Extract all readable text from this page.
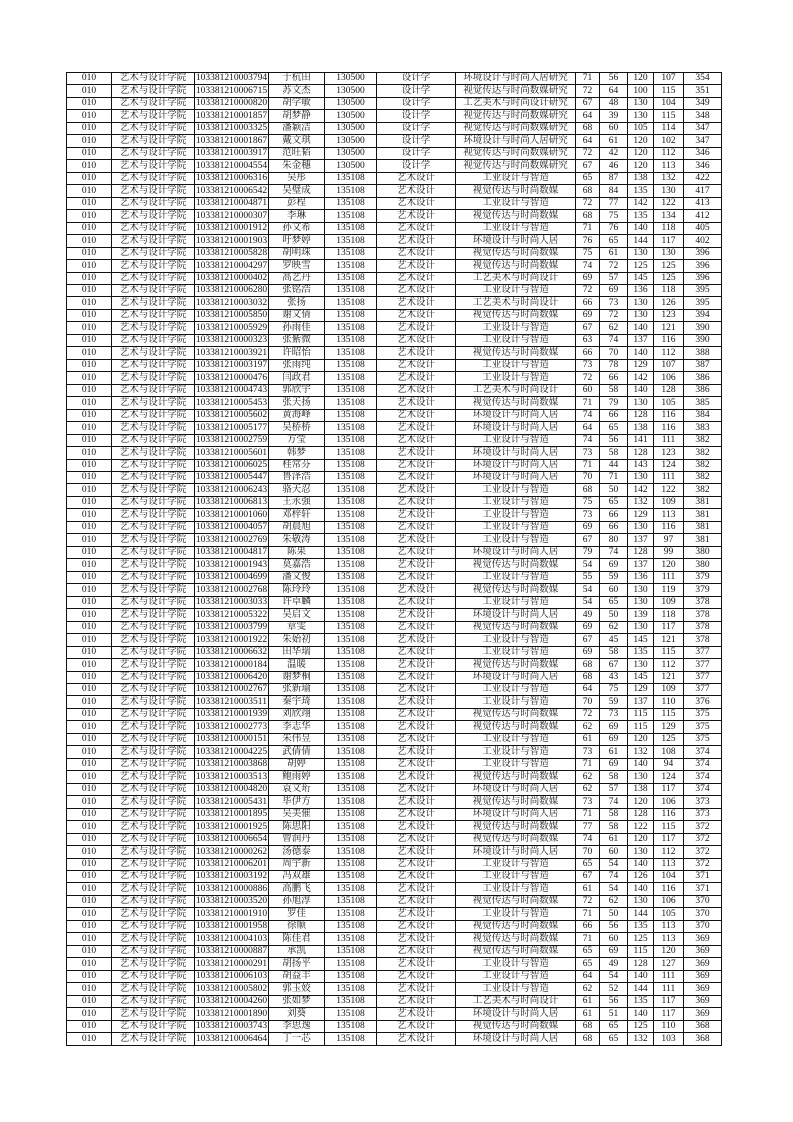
010	艺术与设计学院	103381210003794	于杭田	130500	设计学	环境设计与时尚人居研究	71	56	120	107	354
010	艺术与设计学院	103381210006715	苏文杰	130500	设计学	视觉传达与时尚数媒研究	72	64	100	115	351
010	艺术与设计学院	103381210000820	胡学敏	130500	设计学	工艺美术与时尚设计研究	67	48	130	104	349
010	艺术与设计学院	103381210001857	胡梦静	130500	设计学	视觉传达与时尚数媒研究	64	39	130	115	348
010	艺术与设计学院	103381210003325	潘颖洁	130500	设计学	视觉传达与时尚数媒研究	68	60	105	114	347
010	艺术与设计学院	103381210001867	戴文琪	130500	设计学	环境设计与时尚人居研究	64	61	120	102	347
010	艺术与设计学院	103381210003917	范旺韬	130500	设计学	视觉传达与时尚数媒研究	72	42	120	112	346
010	艺术与设计学院	103381210004554	朱金穗	130500	设计学	视觉传达与时尚数媒研究	67	46	120	113	346
010	艺术与设计学院	103381210006316	吴彤	135108	艺术设计	工业设计与智造	65	87	138	132	422
010	艺术与设计学院	103381210006542	吴璧成	135108	艺术设计	视觉传达与时尚数媒	68	84	135	130	417
010	艺术与设计学院	103381210004871	彭程	135108	艺术设计	工业设计与智造	72	77	142	122	413
010	艺术与设计学院	103381210000307	李琳	135108	艺术设计	视觉传达与时尚数媒	68	75	135	134	412
010	艺术与设计学院	103381210001912	孙文希	135108	艺术设计	工业设计与智造	71	76	140	118	405
010	艺术与设计学院	103381210001903	吁梦婷	135108	艺术设计	环境设计与时尚人居	76	65	144	117	402
010	艺术与设计学院	103381210005828	胡明珠	135108	艺术设计	视觉传达与时尚数媒	75	61	130	130	396
010	艺术与设计学院	103381210004297	罗映雪	135108	艺术设计	视觉传达与时尚数媒	74	72	125	125	396
010	艺术与设计学院	103381210000402	高艺丹	135108	艺术设计	工艺美术与时尚设计	69	57	145	125	396
010	艺术与设计学院	103381210006280	张铭浩	135108	艺术设计	工业设计与智造	72	69	136	118	395
010	艺术与设计学院	103381210003032	张扬	135108	艺术设计	工艺美术与时尚设计	66	73	130	126	395
010	艺术与设计学院	103381210005850	谢文倩	135108	艺术设计	视觉传达与时尚数媒	69	72	130	123	394
010	艺术与设计学院	103381210005929	孙雨佳	135108	艺术设计	工业设计与智造	67	62	140	121	390
010	艺术与设计学院	103381210000323	张紫微	135108	艺术设计	工业设计与智造	63	74	137	116	390
010	艺术与设计学院	103381210003921	许昭怡	135108	艺术设计	视觉传达与时尚数媒	66	70	140	112	388
010	艺术与设计学院	103381210003197	张雨纯	135108	艺术设计	工业设计与智造	73	78	129	107	387
010	艺术与设计学院	103381210000476	闫政君	135108	艺术设计	工业设计与智造	72	66	142	106	386
010	艺术与设计学院	103381210004743	郭欣宇	135108	艺术设计	工艺美术与时尚设计	60	58	140	128	386
010	艺术与设计学院	103381210005453	张天扬	135108	艺术设计	视觉传达与时尚数媒	71	79	130	105	385
010	艺术与设计学院	103381210005602	黄海峰	135108	艺术设计	环境设计与时尚人居	74	66	128	116	384
010	艺术与设计学院	103381210005177	吴桥桥	135108	艺术设计	环境设计与时尚人居	64	65	138	116	383
010	艺术与设计学院	103381210002759	方莹	135108	艺术设计	工业设计与智造	74	56	141	111	382
010	艺术与设计学院	103381210005601	韩梦	135108	艺术设计	环境设计与时尚人居	73	58	128	123	382
010	艺术与设计学院	103381210006025	桂常芬	135108	艺术设计	环境设计与时尚人居	71	44	143	124	382
010	艺术与设计学院	103381210005447	鲁泽浩	135108	艺术设计	环境设计与时尚人居	70	71	130	111	382
010	艺术与设计学院	103381210006243	骆天忍	135108	艺术设计	工业设计与智造	68	50	142	122	382
010	艺术与设计学院	103381210006813	王永强	135108	艺术设计	工业设计与智造	75	65	132	109	381
010	艺术与设计学院	103381210001060	邓梓轩	135108	艺术设计	工业设计与智造	73	66	129	113	381
010	艺术与设计学院	103381210004057	胡晨旭	135108	艺术设计	工业设计与智造	69	66	130	116	381
010	艺术与设计学院	103381210002769	朱敬涛	135108	艺术设计	工业设计与智造	67	80	137	97	381
010	艺术与设计学院	103381210004817	陈果	135108	艺术设计	环境设计与时尚人居	79	74	128	99	380
010	艺术与设计学院	103381210001943	莫嘉浩	135108	艺术设计	视觉传达与时尚数媒	54	69	137	120	380
010	艺术与设计学院	103381210004699	潘文俊	135108	艺术设计	工业设计与智造	55	59	136	111	379
010	艺术与设计学院	103381210002768	陈玲玲	135108	艺术设计	视觉传达与时尚数媒	54	60	130	119	379
010	艺术与设计学院	103381210003033	许卓麟	135108	艺术设计	工业设计与智造	54	65	130	109	378
010	艺术与设计学院	103381210005322	吴启文	135108	艺术设计	环境设计与时尚人居	49	50	139	118	378
010	艺术与设计学院	103381210003799	章雯	135108	艺术设计	视觉传达与时尚数媒	69	62	130	117	378
010	艺术与设计学院	103381210001922	朱始初	135108	艺术设计	工业设计与智造	67	45	145	121	378
010	艺术与设计学院	103381210006632	田华瑞	135108	艺术设计	工业设计与智造	69	58	135	115	377
010	艺术与设计学院	103381210000184	温暖	135108	艺术设计	视觉传达与时尚数媒	68	67	130	112	377
010	艺术与设计学院	103381210006420	谢梦桐	135108	艺术设计	环境设计与时尚人居	68	43	145	121	377
010	艺术与设计学院	103381210002767	张新瑜	135108	艺术设计	工业设计与智造	64	75	129	109	377
010	艺术与设计学院	103381210003511	秦宇琦	135108	艺术设计	工业设计与智造	70	59	137	110	376
010	艺术与设计学院	103381210001939	刘欣翊	135108	艺术设计	视觉传达与时尚数媒	72	73	115	115	375
010	艺术与设计学院	103381210002773	李志华	135108	艺术设计	视觉传达与时尚数媒	62	69	115	129	375
010	艺术与设计学院	103381210000151	朱伟昱	135108	艺术设计	工业设计与智造	61	69	120	125	375
010	艺术与设计学院	103381210004225	武倩倩	135108	艺术设计	工业设计与智造	73	61	132	108	374
010	艺术与设计学院	103381210003868	胡婷	135108	艺术设计	工业设计与智造	71	69	140	94	374
010	艺术与设计学院	103381210003513	鲍雨婷	135108	艺术设计	视觉传达与时尚数媒	62	58	130	124	374
010	艺术与设计学院	103381210004820	袁文珩	135108	艺术设计	环境设计与时尚人居	62	57	138	117	374
010	艺术与设计学院	103381210005431	毕伊方	135108	艺术设计	视觉传达与时尚数媒	73	74	120	106	373
010	艺术与设计学院	103381210001895	吴美催	135108	艺术设计	环境设计与时尚人居	71	58	128	116	373
010	艺术与设计学院	103381210001925	陈思阳	135108	艺术设计	视觉传达与时尚数媒	77	58	122	115	372
010	艺术与设计学院	103381210006654	曾润丹	135108	艺术设计	视觉传达与时尚数媒	74	61	120	117	372
010	艺术与设计学院	103381210000262	汤德泰	135108	艺术设计	环境设计与时尚人居	70	60	130	112	372
010	艺术与设计学院	103381210006201	周宇新	135108	艺术设计	工业设计与智造	65	54	140	113	372
010	艺术与设计学院	103381210003192	冯双雄	135108	艺术设计	工业设计与智造	67	74	126	104	371
010	艺术与设计学院	103381210000886	高鹏飞	135108	艺术设计	工业设计与智造	61	54	140	116	371
010	艺术与设计学院	103381210003520	孙旭淳	135108	艺术设计	视觉传达与时尚数媒	72	62	130	106	370
010	艺术与设计学院	103381210001910	罗佳	135108	艺术设计	工业设计与智造	71	50	144	105	370
010	艺术与设计学院	103381210001958	徐顺	135108	艺术设计	视觉传达与时尚数媒	66	56	135	113	370
010	艺术与设计学院	103381210004103	陈佳君	135108	艺术设计	视觉传达与时尚数媒	71	60	125	113	369
010	艺术与设计学院	103381210000887	承凯	135108	艺术设计	视觉传达与时尚数媒	65	69	115	120	369
010	艺术与设计学院	103381210000291	胡扬平	135108	艺术设计	工业设计与智造	65	49	128	127	369
010	艺术与设计学院	103381210006103	胡益丰	135108	艺术设计	工业设计与智造	64	54	140	111	369
010	艺术与设计学院	103381210005802	郭玉姣	135108	艺术设计	工业设计与智造	62	52	144	111	369
010	艺术与设计学院	103381210004260	张如梦	135108	艺术设计	工艺美术与时尚设计	61	56	135	117	369
010	艺术与设计学院	103381210001890	刘葵	135108	艺术设计	环境设计与时尚人居	61	51	140	117	369
010	艺术与设计学院	103381210003743	李思逸	135108	艺术设计	视觉传达与时尚数媒	68	65	125	110	368
010	艺术与设计学院	103381210006464	丁一芯	135108	艺术设计	环境设计与时尚人居	68	65	132	103	368
